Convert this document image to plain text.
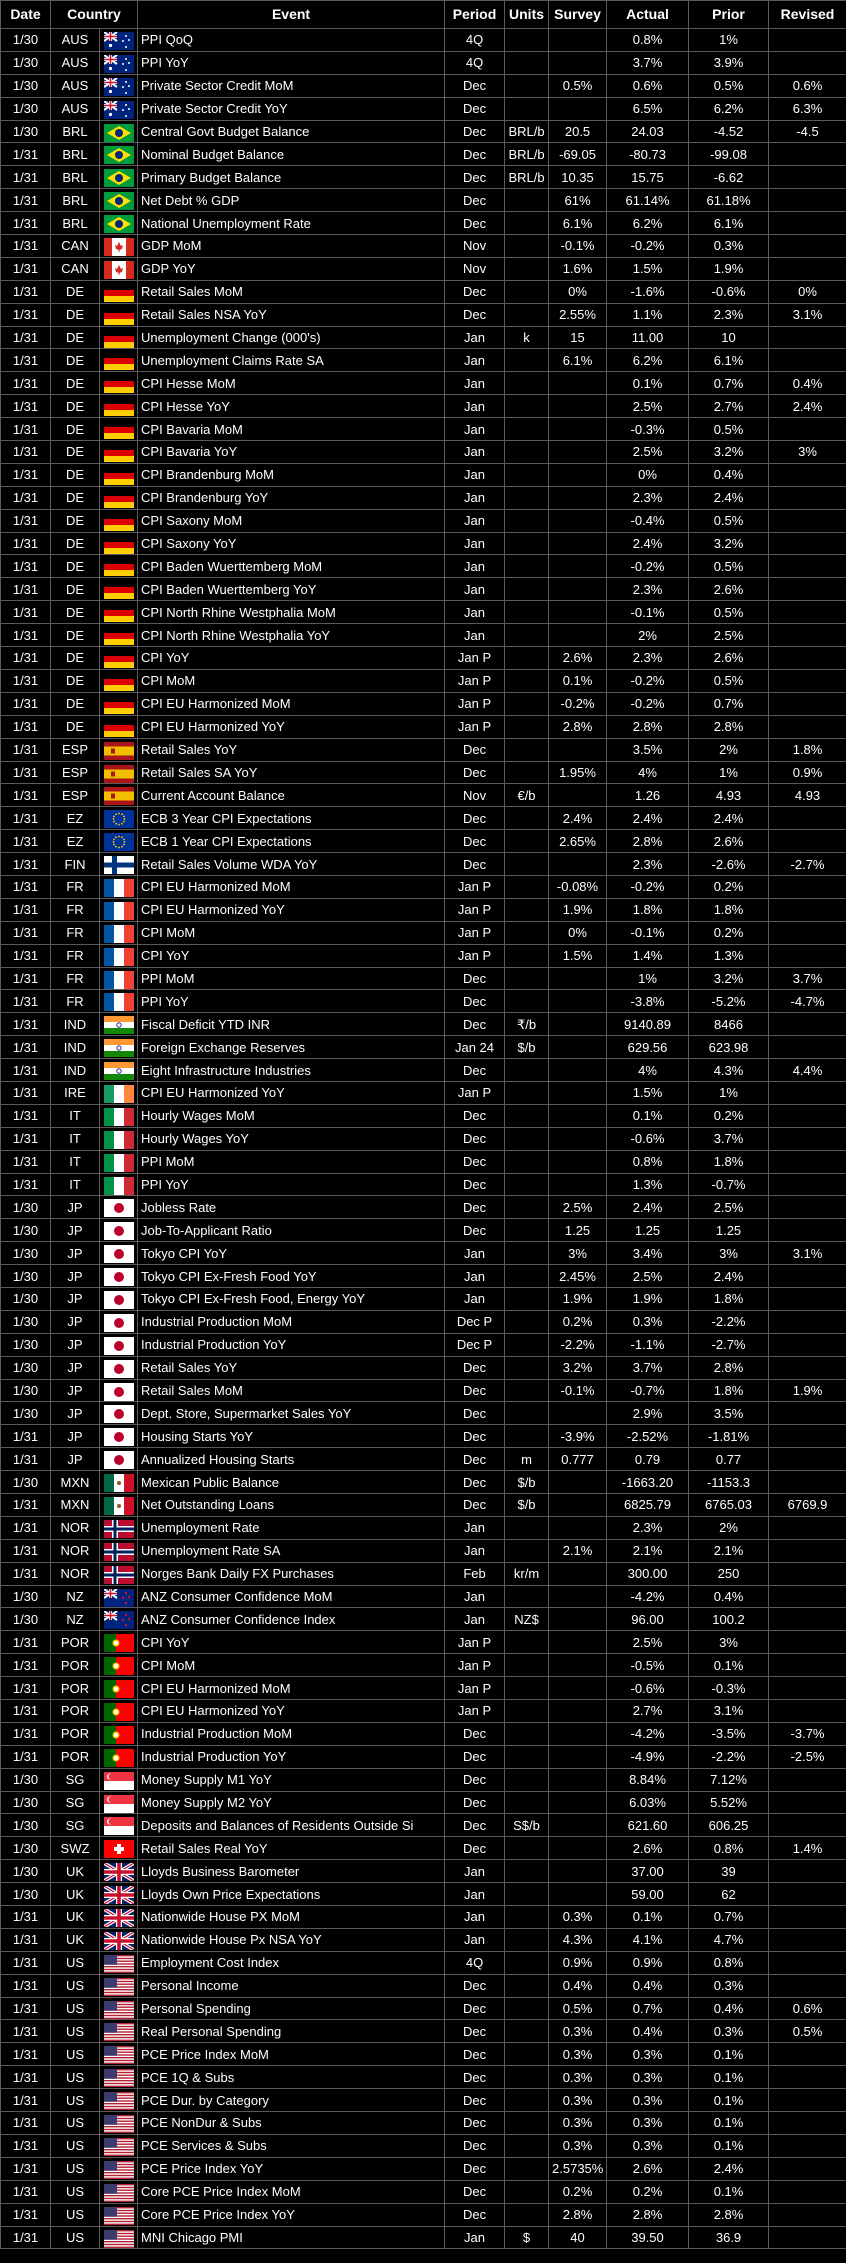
Date	Country		Event	Period	Units	Survey	Actual	Prior	Revised
1/30	AUS		PPI QoQ	4Q			0.8%	1%	
1/30	AUS		PPI YoY	4Q			3.7%	3.9%	
1/30	AUS		Private Sector Credit MoM	Dec		0.5%	0.6%	0.5%	0.6%
1/30	AUS		Private Sector Credit YoY	Dec			6.5%	6.2%	6.3%
1/30	BRL		Central Govt Budget Balance	Dec	BRL/b	20.5	24.03	-4.52	-4.5
1/31	BRL		Nominal Budget Balance	Dec	BRL/b	-69.05	-80.73	-99.08	
1/31	BRL		Primary Budget Balance	Dec	BRL/b	10.35	15.75	-6.62	
1/31	BRL		Net Debt % GDP	Dec		61%	61.14%	61.18%	
1/31	BRL		National Unemployment Rate	Dec		6.1%	6.2%	6.1%	
1/31	CAN		GDP MoM	Nov		-0.1%	-0.2%	0.3%	
1/31	CAN		GDP YoY	Nov		1.6%	1.5%	1.9%	
1/31	DE		Retail Sales MoM	Dec		0%	-1.6%	-0.6%	0%
1/31	DE		Retail Sales NSA YoY	Dec		2.55%	1.1%	2.3%	3.1%
1/31	DE		Unemployment Change (000's)	Jan	k	15	11.00	10	
1/31	DE		Unemployment Claims Rate SA	Jan		6.1%	6.2%	6.1%	
1/31	DE		CPI Hesse MoM	Jan			0.1%	0.7%	0.4%
1/31	DE		CPI Hesse YoY	Jan			2.5%	2.7%	2.4%
1/31	DE		CPI Bavaria MoM	Jan			-0.3%	0.5%	
1/31	DE		CPI Bavaria YoY	Jan			2.5%	3.2%	3%
1/31	DE		CPI Brandenburg MoM	Jan			0%	0.4%	
1/31	DE		CPI Brandenburg YoY	Jan			2.3%	2.4%	
1/31	DE		CPI Saxony MoM	Jan			-0.4%	0.5%	
1/31	DE		CPI Saxony YoY	Jan			2.4%	3.2%	
1/31	DE		CPI Baden Wuerttemberg MoM	Jan			-0.2%	0.5%	
1/31	DE		CPI Baden Wuerttemberg YoY	Jan			2.3%	2.6%	
1/31	DE		CPI North Rhine Westphalia MoM	Jan			-0.1%	0.5%	
1/31	DE		CPI North Rhine Westphalia YoY	Jan			2%	2.5%	
1/31	DE		CPI YoY	Jan P		2.6%	2.3%	2.6%	
1/31	DE		CPI MoM	Jan P		0.1%	-0.2%	0.5%	
1/31	DE		CPI EU Harmonized MoM	Jan P		-0.2%	-0.2%	0.7%	
1/31	DE		CPI EU Harmonized YoY	Jan P		2.8%	2.8%	2.8%	
1/31	ESP		Retail Sales YoY	Dec			3.5%	2%	1.8%
1/31	ESP		Retail Sales SA YoY	Dec		1.95%	4%	1%	0.9%
1/31	ESP		Current Account Balance	Nov	€/b		1.26	4.93	4.93
1/31	EZ		ECB 3 Year CPI Expectations	Dec		2.4%	2.4%	2.4%	
1/31	EZ		ECB 1 Year CPI Expectations	Dec		2.65%	2.8%	2.6%	
1/31	FIN		Retail Sales Volume WDA YoY	Dec			2.3%	-2.6%	-2.7%
1/31	FR		CPI EU Harmonized MoM	Jan P		-0.08%	-0.2%	0.2%	
1/31	FR		CPI EU Harmonized YoY	Jan P		1.9%	1.8%	1.8%	
1/31	FR		CPI MoM	Jan P		0%	-0.1%	0.2%	
1/31	FR		CPI YoY	Jan P		1.5%	1.4%	1.3%	
1/31	FR		PPI MoM	Dec			1%	3.2%	3.7%
1/31	FR		PPI YoY	Dec			-3.8%	-5.2%	-4.7%
1/31	IND		Fiscal Deficit YTD INR	Dec	₹/b		9140.89	8466	
1/31	IND		Foreign Exchange Reserves	Jan 24	$/b		629.56	623.98	
1/31	IND		Eight Infrastructure Industries	Dec			4%	4.3%	4.4%
1/31	IRE		CPI EU Harmonized YoY	Jan P			1.5%	1%	
1/31	IT		Hourly Wages MoM	Dec			0.1%	0.2%	
1/31	IT		Hourly Wages YoY	Dec			-0.6%	3.7%	
1/31	IT		PPI MoM	Dec			0.8%	1.8%	
1/31	IT		PPI YoY	Dec			1.3%	-0.7%	
1/30	JP		Jobless Rate	Dec		2.5%	2.4%	2.5%	
1/30	JP		Job-To-Applicant Ratio	Dec		1.25	1.25	1.25	
1/30	JP		Tokyo CPI YoY	Jan		3%	3.4%	3%	3.1%
1/30	JP		Tokyo CPI Ex-Fresh Food YoY	Jan		2.45%	2.5%	2.4%	
1/30	JP		Tokyo CPI Ex-Fresh Food, Energy YoY	Jan		1.9%	1.9%	1.8%	
1/30	JP		Industrial Production MoM	Dec P		0.2%	0.3%	-2.2%	
1/30	JP		Industrial Production YoY	Dec P		-2.2%	-1.1%	-2.7%	
1/30	JP		Retail Sales YoY	Dec		3.2%	3.7%	2.8%	
1/30	JP		Retail Sales MoM	Dec		-0.1%	-0.7%	1.8%	1.9%
1/30	JP		Dept. Store, Supermarket Sales YoY	Dec			2.9%	3.5%	
1/31	JP		Housing Starts YoY	Dec		-3.9%	-2.52%	-1.81%	
1/31	JP		Annualized Housing Starts	Dec	m	0.777	0.79	0.77	
1/30	MXN		Mexican Public Balance	Dec	$/b		-1663.20	-1153.3	
1/31	MXN		Net Outstanding Loans	Dec	$/b		6825.79	6765.03	6769.9
1/31	NOR		Unemployment Rate	Jan			2.3%	2%	
1/31	NOR		Unemployment Rate SA	Jan		2.1%	2.1%	2.1%	
1/31	NOR		Norges Bank Daily FX Purchases	Feb	kr/m		300.00	250	
1/30	NZ		ANZ Consumer Confidence MoM	Jan			-4.2%	0.4%	
1/30	NZ		ANZ Consumer Confidence Index	Jan	NZ$		96.00	100.2	
1/31	POR		CPI YoY	Jan P			2.5%	3%	
1/31	POR		CPI MoM	Jan P			-0.5%	0.1%	
1/31	POR		CPI EU Harmonized MoM	Jan P			-0.6%	-0.3%	
1/31	POR		CPI EU Harmonized YoY	Jan P			2.7%	3.1%	
1/31	POR		Industrial Production MoM	Dec			-4.2%	-3.5%	-3.7%
1/31	POR		Industrial Production YoY	Dec			-4.9%	-2.2%	-2.5%
1/30	SG		Money Supply M1 YoY	Dec			8.84%	7.12%	
1/30	SG		Money Supply M2 YoY	Dec			6.03%	5.52%	
1/30	SG		Deposits and Balances of Residents Outside Si	Dec	S$/b		621.60	606.25	
1/30	SWZ		Retail Sales Real YoY	Dec			2.6%	0.8%	1.4%
1/30	UK		Lloyds Business Barometer	Jan			37.00	39	
1/30	UK		Lloyds Own Price Expectations	Jan			59.00	62	
1/31	UK		Nationwide House PX MoM	Jan		0.3%	0.1%	0.7%	
1/31	UK		Nationwide House Px NSA YoY	Jan		4.3%	4.1%	4.7%	
1/31	US		Employment Cost Index	4Q		0.9%	0.9%	0.8%	
1/31	US		Personal Income	Dec		0.4%	0.4%	0.3%	
1/31	US		Personal Spending	Dec		0.5%	0.7%	0.4%	0.6%
1/31	US		Real Personal Spending	Dec		0.3%	0.4%	0.3%	0.5%
1/31	US		PCE Price Index MoM	Dec		0.3%	0.3%	0.1%	
1/31	US		PCE 1Q & Subs	Dec		0.3%	0.3%	0.1%	
1/31	US		PCE Dur. by Category	Dec		0.3%	0.3%	0.1%	
1/31	US		PCE NonDur & Subs	Dec		0.3%	0.3%	0.1%	
1/31	US		PCE Services & Subs	Dec		0.3%	0.3%	0.1%	
1/31	US		PCE Price Index YoY	Dec		2.5735%	2.6%	2.4%	
1/31	US		Core PCE Price Index MoM	Dec		0.2%	0.2%	0.1%	
1/31	US		Core PCE Price Index YoY	Dec		2.8%	2.8%	2.8%	
1/31	US		MNI Chicago PMI	Jan	$	40	39.50	36.9	
